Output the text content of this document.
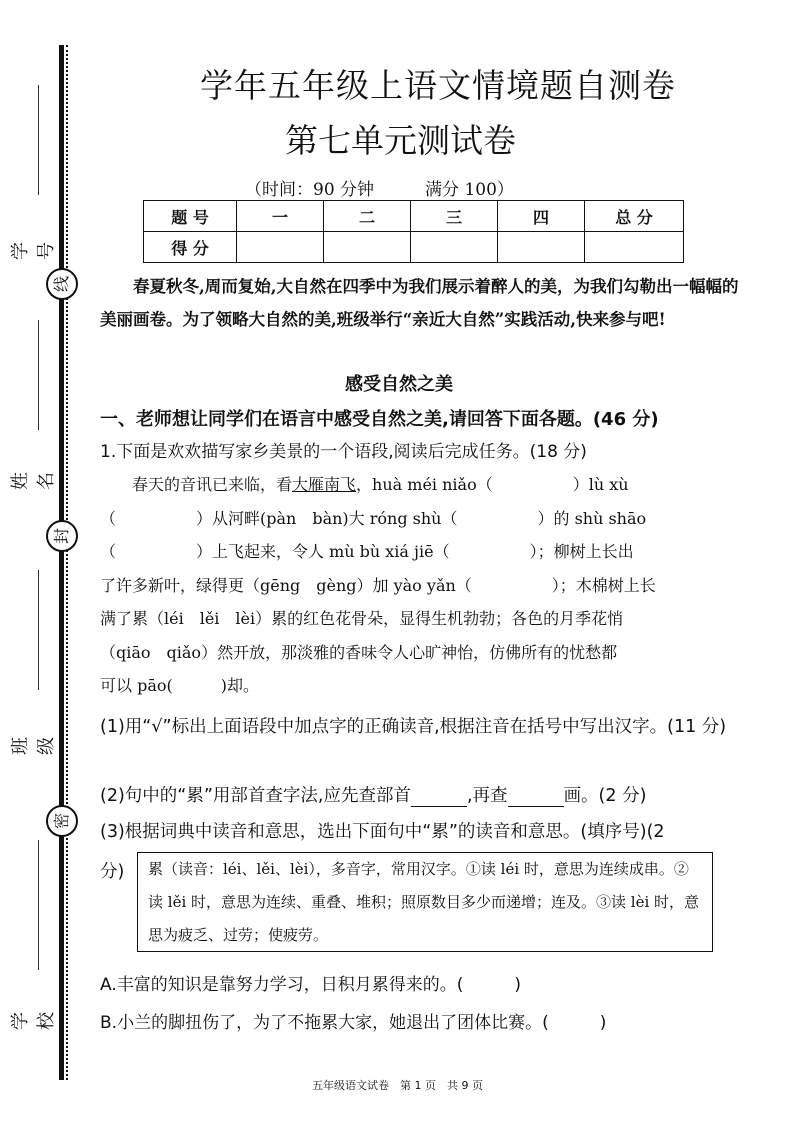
学号
姓名
班级
学校
线
封
密
学年五年级上语文情境题自测卷
第七单元测试卷
（时间：90 分钟　　　满分 100）
题 号	一	二	三	四	总 分
得 分					
春夏秋冬,周而复始,大自然在四季中为我们展示着醉人的美，为我们勾勒出一幅幅的美丽画卷。为了领略大自然的美,班级举行“亲近大自然”实践活动,快来参与吧!
感受自然之美
一、老师想让同学们在语言中感受自然之美,请回答下面各题。(46 分)
1.下面是欢欢描写家乡美景的一个语段,阅读后完成任务。(18 分)
春天的音讯已来临，看大雁南飞，huà méi niǎo（　　　　　）lù xù
（　　　　　）从河畔(pàn　bàn)大 róng shù（　　　　　）的 shù shāo
（　　　　　）上飞起来，令人 mù bù xiá jiē（　　　　　）；柳树上长出
了许多新叶，绿得更（gēng　gèng）加 yào yǎn（　　　　　）；木棉树上长
满了累（léi　lěi　lèi）累的红色花骨朵，显得生机勃勃；各色的月季花悄
（qiāo　qiǎo）然开放，那淡雅的香味令人心旷神怡，仿佛所有的忧愁都
可以 pāo(　　　)却。
(1)用“√”标出上面语段中加点字的正确读音,根据注音在括号中写出汉字。(11 分)
(2)句中的“累”用部首查字法,应先查部首	,再查	画。(2 分)
(3)根据词典中读音和意思，选出下面句中“累”的读音和意思。(填序号)(2
分)	累（读音：léi、lěi、lèi），多音字，常用汉字。①读 léi 时，意思为连续成串。②读 lěi 时，意思为连续、重叠、堆积；照原数目多少而递增；连及。③读 lèi 时，意思为疲乏、过劳；使疲劳。
A.丰富的知识是靠努力学习，日积月累得来的。(　　　)
B.小兰的脚扭伤了，为了不拖累大家，她退出了团体比赛。(　　　)
五年级语文试卷　第 1 页　共 9 页
